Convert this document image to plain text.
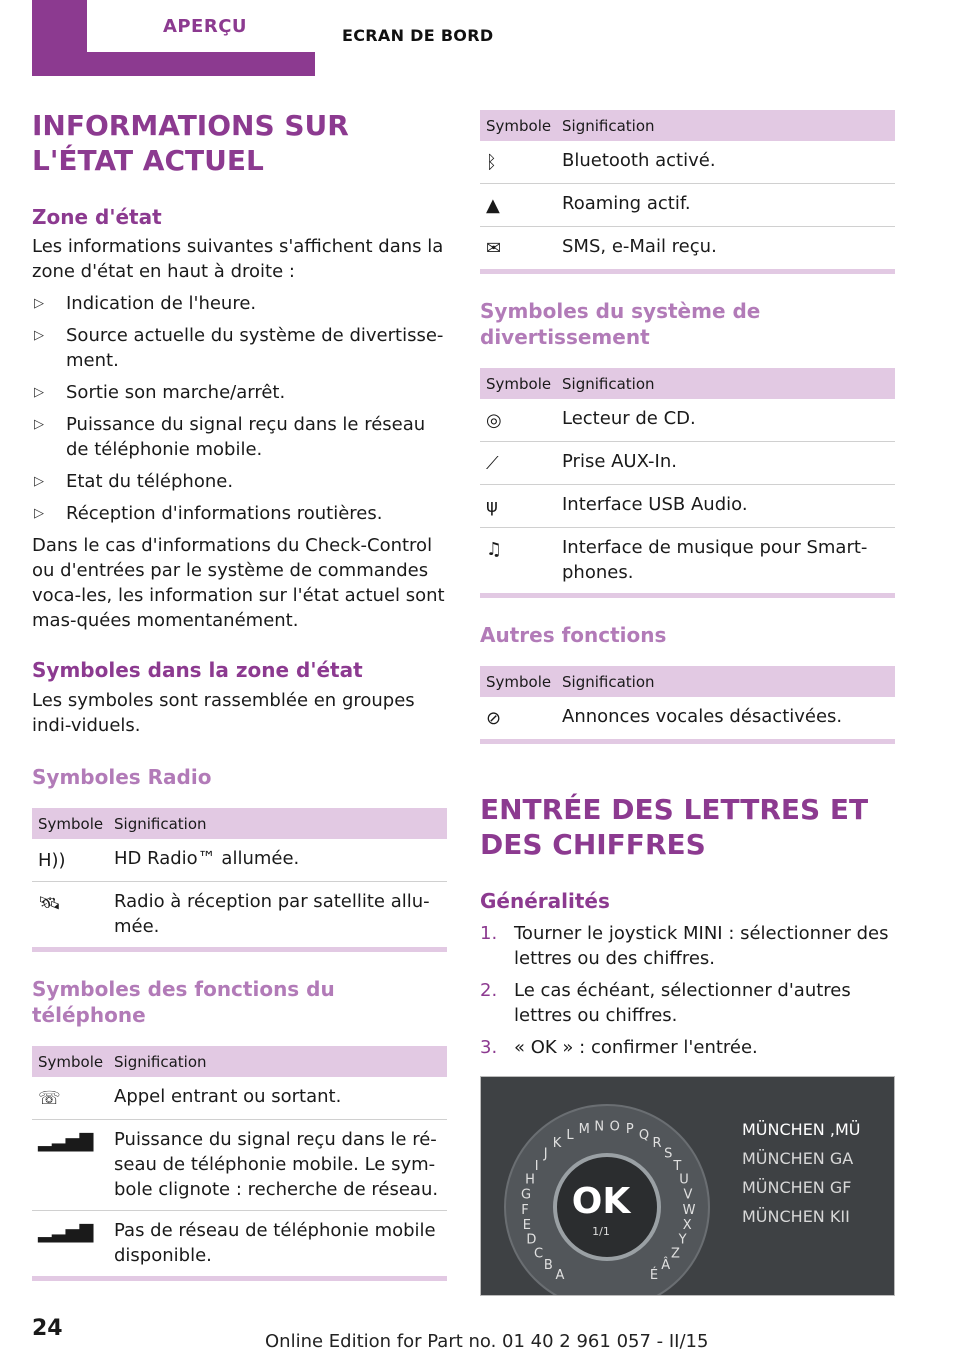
APERÇU	ECRAN DE BORD
INFORMATIONS SUR L'ÉTAT ACTUEL
Zone d'état

Les informations suivantes s'affichent dans la zone d'état en haut à droite :

▷ Indication de l'heure.
▷ Source actuelle du système de divertisse‐ment.
▷ Sortie son marche/arrêt.
▷ Puissance du signal reçu dans le réseau de téléphonie mobile.
▷ Etat du téléphone.
▷ Réception d'informations routières.

Dans le cas d'informations du Check-Control ou d'entrées par le système de commandes voca‐les, les information sur l'état actuel sont mas‐quées momentanément.

Symboles dans la zone d'état

Les symboles sont rassemblée en groupes indi‐viduels.

Symboles Radio
Symbole	Signification
H))	HD Radio™ allumée.
🛰	Radio à réception par satellite allu‐mée.
Symboles des fonctions du téléphone
Symbole	Signification
☏	Appel entrant ou sortant.
▂▃▅▇	Puissance du signal reçu dans le ré‐seau de téléphonie mobile. Le sym‐bole clignote : recherche de réseau.
▂▃▅▇	Pas de réseau de téléphonie mobile disponible.
Symbole	Signification
ᛒ	Bluetooth activé.
▲	Roaming actif.
✉	SMS, e-Mail reçu.
Symboles du système de divertissement
Symbole	Signification
◎	Lecteur de CD.
⟋	Prise AUX-In.
ψ	Interface USB Audio.
♫	Interface de musique pour Smart‐phones.
Autres fonctions
Symbole	Signification
⊘	Annonces vocales désactivées.
ENTRÉE DES LETTRES ET DES CHIFFRES
Généralités
1. Tourner le joystick MINI : sélectionner des lettres ou des chiffres.
2. Le cas échéant, sélectionner d'autres lettres ou chiffres.
3. « OK » : confirmer l'entrée.
A
B
C
D
E
F
G
H
I
J
K
L M N O P Q
R
S
T
U
V
W
X
Y
Z
Â
É
OK
1/1
MÜNCHEN ,MÜ
MÜNCHEN GA
MÜNCHEN GF
MÜNCHEN KII
24
Online Edition for Part no. 01 40 2 961 057 - II/15
